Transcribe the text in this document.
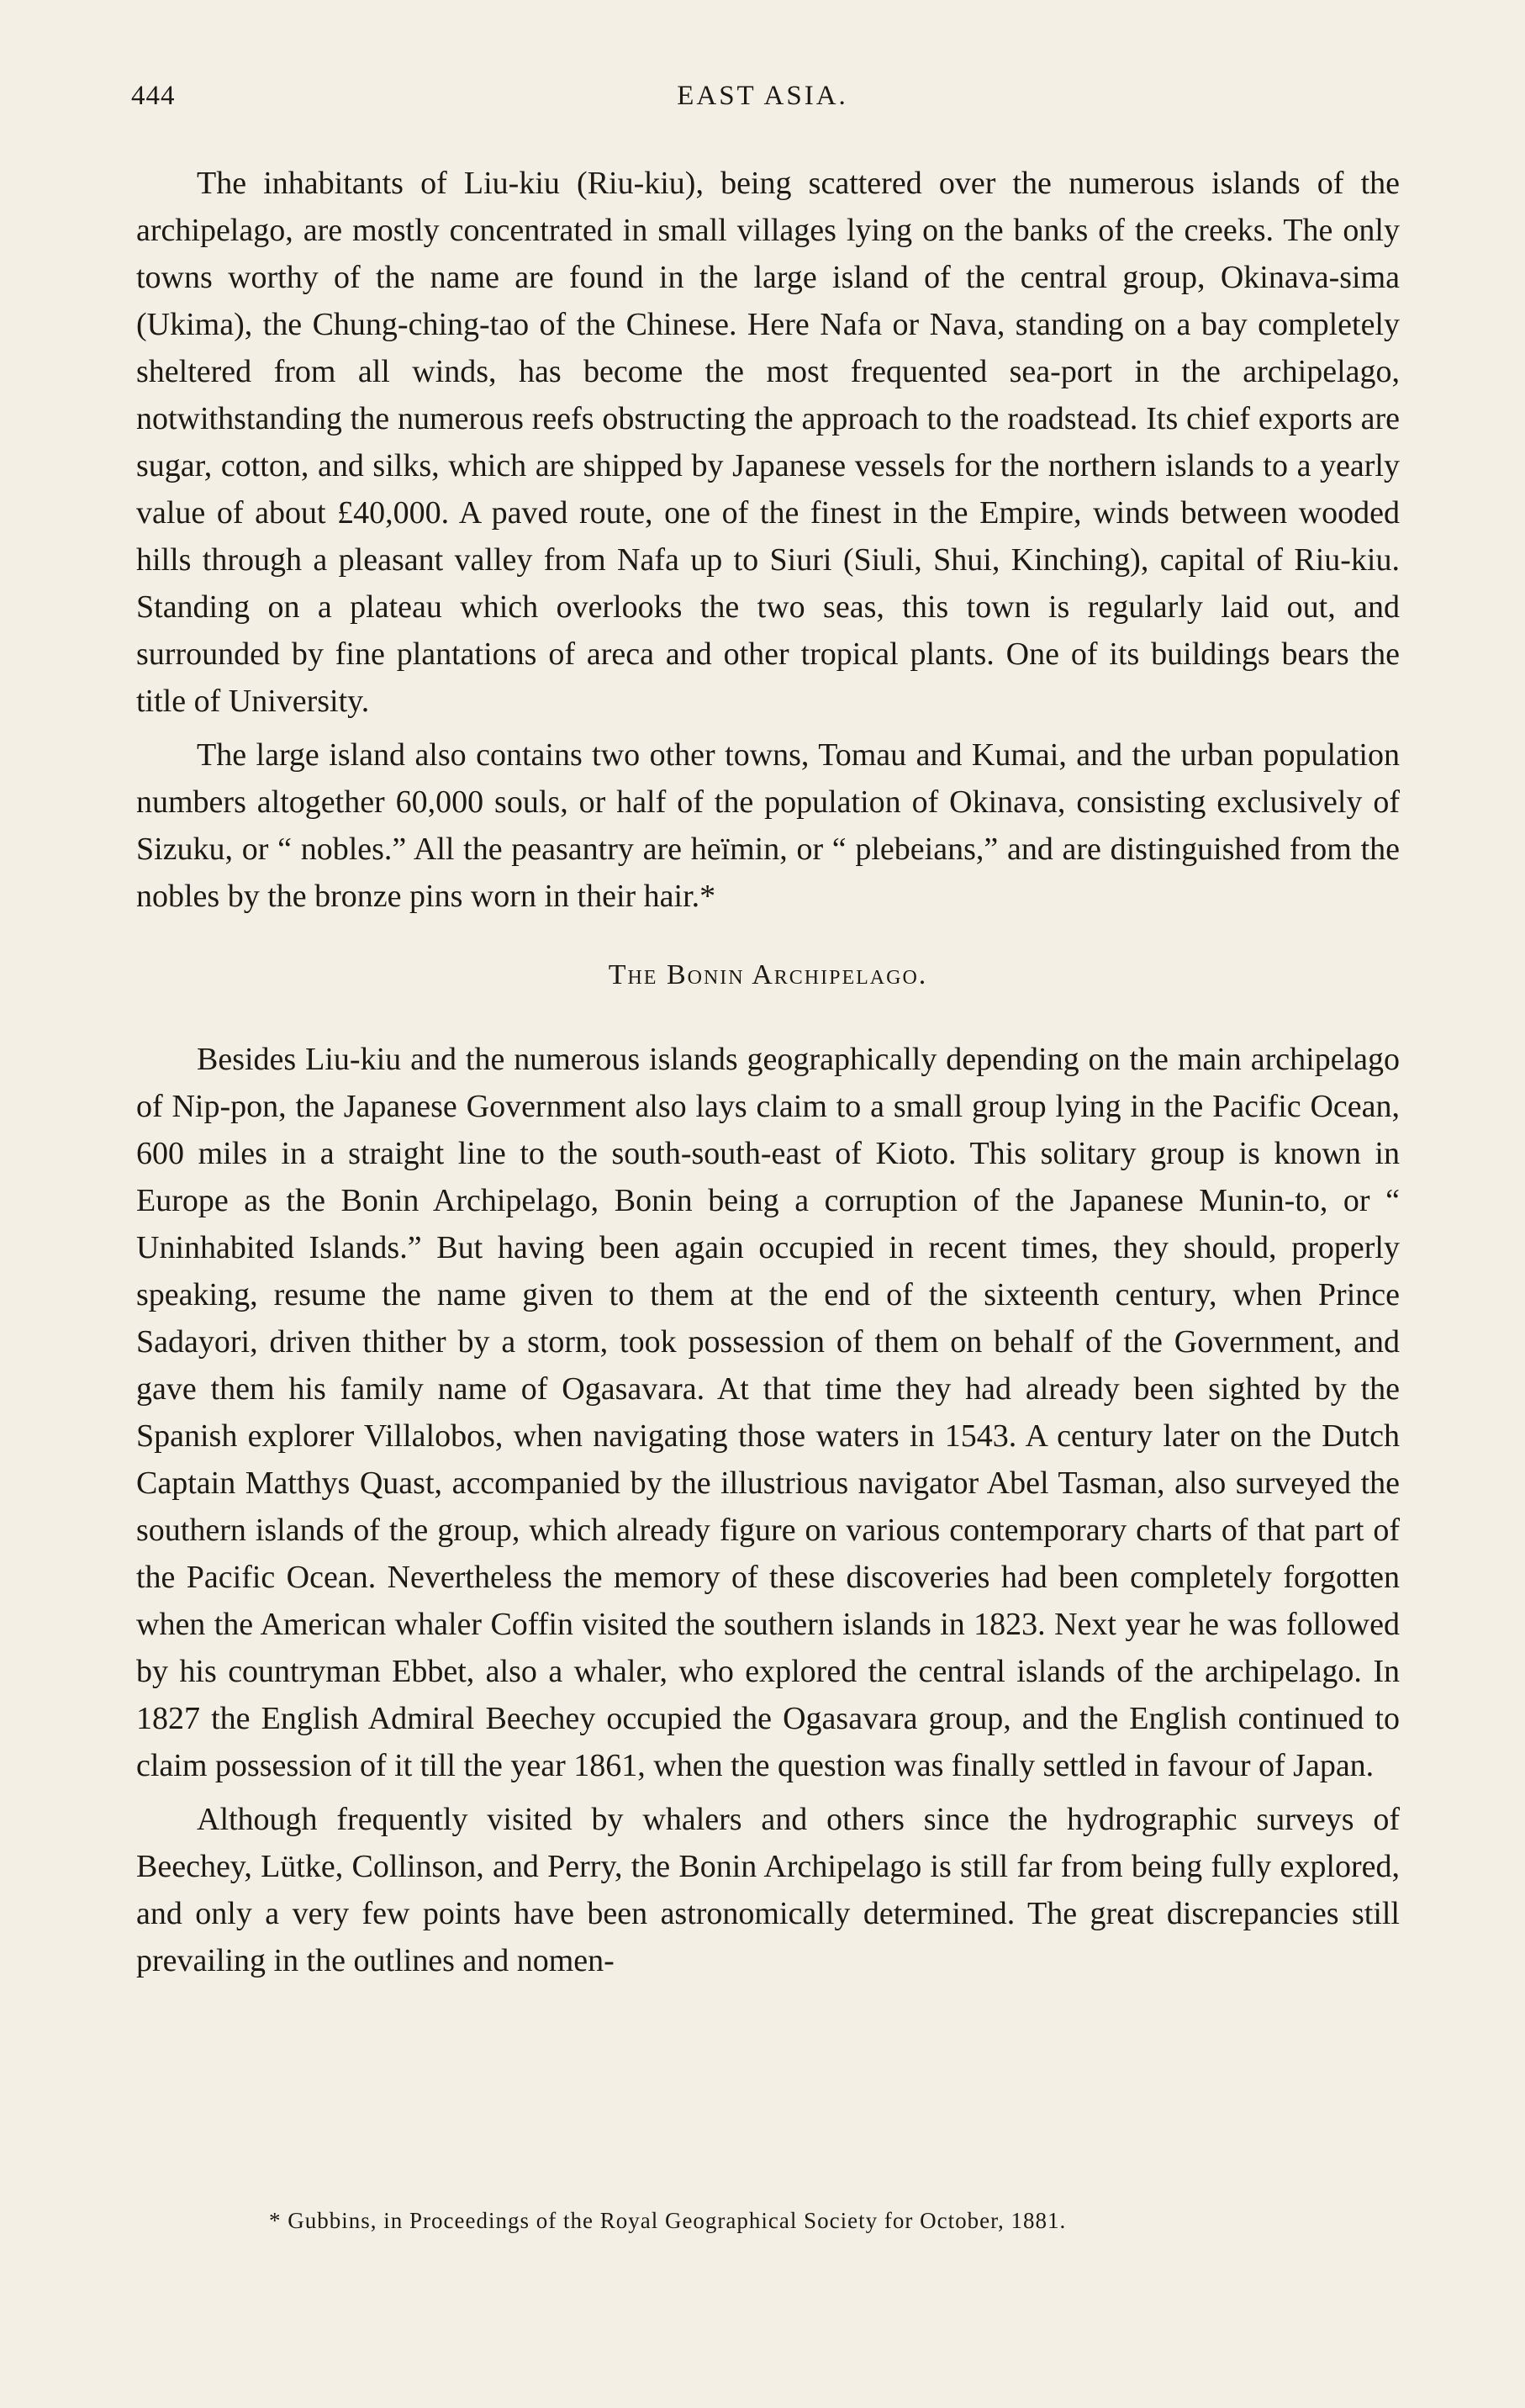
444	EAST ASIA.

The inhabitants of Liu-kiu (Riu-kiu), being scattered over the numerous islands of the archipelago, are mostly concentrated in small villages lying on the banks of the creeks. The only towns worthy of the name are found in the large island of the central group, Okinava-sima (Ukima), the Chung-ching-tao of the Chinese. Here Nafa or Nava, standing on a bay completely sheltered from all winds, has become the most frequented sea-port in the archipelago, notwithstanding the numerous reefs obstructing the approach to the roadstead. Its chief exports are sugar, cotton, and silks, which are shipped by Japanese vessels for the northern islands to a yearly value of about £40,000. A paved route, one of the finest in the Empire, winds between wooded hills through a pleasant valley from Nafa up to Siuri (Siuli, Shui, Kinching), capital of Riu-kiu. Standing on a plateau which overlooks the two seas, this town is regularly laid out, and surrounded by fine plantations of areca and other tropical plants. One of its buildings bears the title of University.

The large island also contains two other towns, Tomau and Kumai, and the urban population numbers altogether 60,000 souls, or half of the population of Okinava, consisting exclusively of Sizuku, or “ nobles.” All the peasantry are heïmin, or “ plebeians,” and are distinguished from the nobles by the bronze pins worn in their hair.*

The Bonin Archipelago.

Besides Liu-kiu and the numerous islands geographically depending on the main archipelago of Nip-pon, the Japanese Government also lays claim to a small group lying in the Pacific Ocean, 600 miles in a straight line to the south-south-east of Kioto. This solitary group is known in Europe as the Bonin Archipelago, Bonin being a corruption of the Japanese Munin-to, or “ Uninhabited Islands.” But having been again occupied in recent times, they should, properly speaking, resume the name given to them at the end of the sixteenth century, when Prince Sadayori, driven thither by a storm, took possession of them on behalf of the Government, and gave them his family name of Ogasavara. At that time they had already been sighted by the Spanish explorer Villalobos, when navigating those waters in 1543. A century later on the Dutch Captain Matthys Quast, accompanied by the illustrious navigator Abel Tasman, also surveyed the southern islands of the group, which already figure on various contemporary charts of that part of the Pacific Ocean. Nevertheless the memory of these discoveries had been completely forgotten when the American whaler Coffin visited the southern islands in 1823. Next year he was followed by his countryman Ebbet, also a whaler, who explored the central islands of the archipelago. In 1827 the English Admiral Beechey occupied the Ogasavara group, and the English continued to claim possession of it till the year 1861, when the question was finally settled in favour of Japan.

Although frequently visited by whalers and others since the hydrographic surveys of Beechey, Lütke, Collinson, and Perry, the Bonin Archipelago is still far from being fully explored, and only a very few points have been astronomically determined. The great discrepancies still prevailing in the outlines and nomen-

* Gubbins, in Proceedings of the Royal Geographical Society for October, 1881.
